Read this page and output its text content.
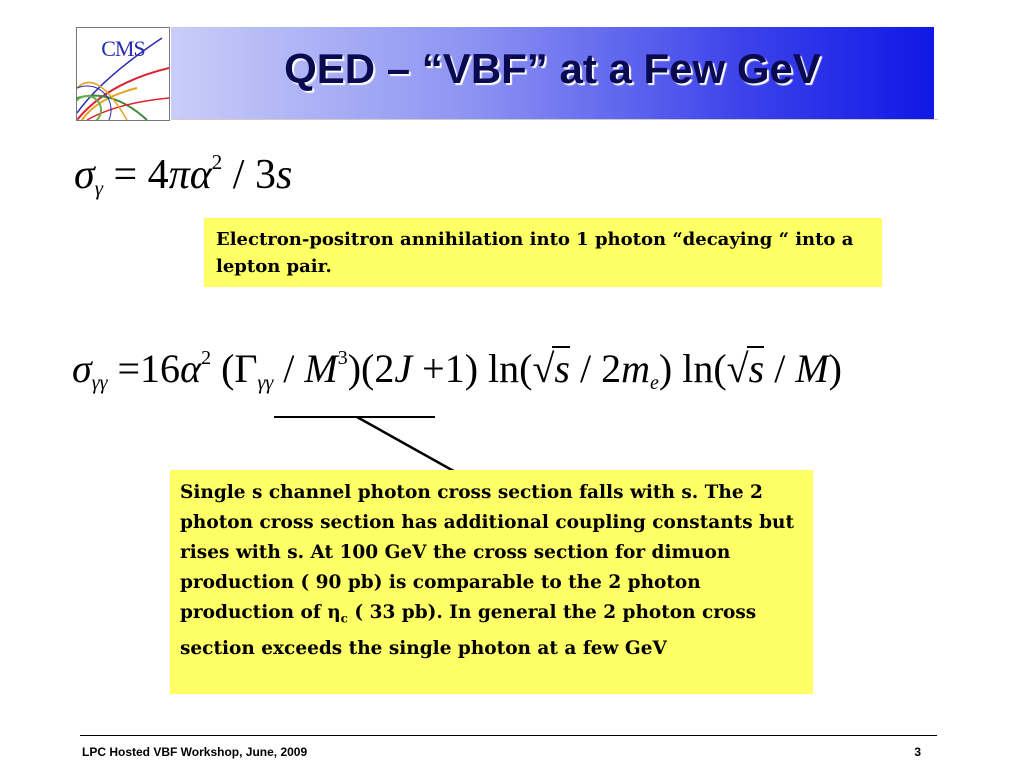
CMS	QED – “VBF” at a Few GeV
$\sigma_\gamma = 4\pi\alpha^2 / 3s$
Electron-positron annihilation into 1 photon “decaying “ into a lepton pair.
$\sigma_{\gamma\gamma} =16\alpha^2$ $(\Gamma_{\gamma\gamma} / M^3)(2J +1)$ $\ln(√s / 2m_e)$ ln(√s / M)
Single s channel photon cross section falls with s. The 2 photon cross section has additional coupling constants but rises with s. At 100 GeV the cross section for dimuon production ( 90 pb) is comparable to the 2 photon production of $\eta_c$ ( 33 pb). In general the 2 photon cross section exceeds the single photon at a few GeV
LPC Hosted VBF Workshop, June, 2009	3
